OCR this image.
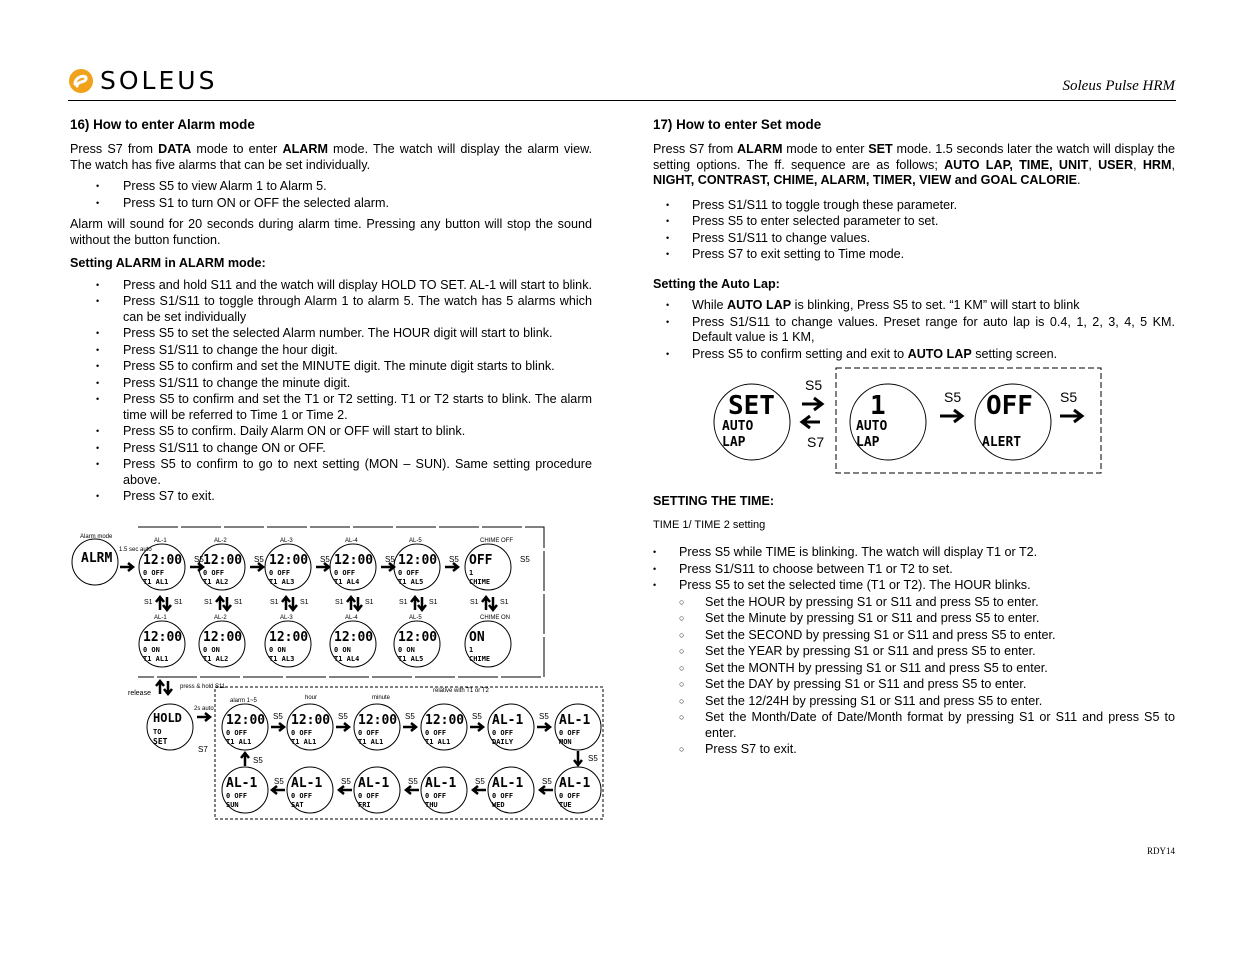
SOLEUS	Soleus Pulse HRM
16) How to enter Alarm mode

Press S7 from DATA mode to enter ALARM mode. The watch will display the alarm view. The watch has five alarms that can be set individually.

• Press S5 to view Alarm 1 to Alarm 5.
• Press S1 to turn ON or OFF the selected alarm.

Alarm will sound for 20 seconds during alarm time. Pressing any button will stop the sound without the button function.

Setting ALARM in ALARM mode:
• Press and hold S11 and the watch will display HOLD TO SET. AL-1 will start to blink.
• Press S1/S11 to toggle through Alarm 1 to alarm 5. The watch has 5 alarms which can be set individually
• Press S5 to set the selected Alarm number. The HOUR digit will start to blink.
• Press S1/S11 to change the hour digit.
• Press S5 to confirm and set the MINUTE digit. The minute digit starts to blink.
• Press S1/S11 to change the minute digit.
• Press S5 to confirm and set the T1 or T2 setting. T1 or T2 starts to blink. The alarm time will be referred to Time 1 or Time 2.
• Press S5 to confirm. Daily Alarm ON or OFF will start to blink.
• Press S1/S11 to change ON or OFF.
• Press S5 to confirm to go to next setting (MON – SUN). Same setting procedure above.
• Press S7 to exit.
Alarm mode
ALRM
1.5 sec auto
AL-1
12:00
0 OFF
T1 AL1
S5
S1	S1
AL-2
12:00
0 OFF
T1 AL2
S5
S1	S1
AL-3
12:00
0 OFF
T1 AL3
S5
S1	S1
AL-4
12:00
0 OFF
T1 AL4
S5
S1	S1
AL-5
12:00
0 OFF
T1 AL5
S5
S1	S1
CHIME OFF
OFF
1
CHIME
S5
S1	S1
AL-1
12:00
0 ON
T1 AL1
AL-2
12:00
0 ON
T1 AL2
AL-3
12:00
0 ON
T1 AL3
AL-4
12:00
0 ON
T1 AL4
AL-5
12:00
0 ON
T1 AL5
CHIME ON
ON
1
CHIME
12:00
0 OFF
T1 AL1
S5 12:00
0 OFF
T1 AL1
S5 12:00
0 OFF
T1 AL1
S5 12:00
0 OFF
T1 AL1
S5 AL-1
0 OFF
DAILY
S5 AL-1
0 OFF
MON
S5
S5
AL-1
0 OFF
SUN
AL-1
0 OFF
SAT
S5	AL-1
0 OFF
FRI
S5	AL-1
0 OFF
THU
S5	AL-1
0 OFF
WED
S5	AL-1
0 OFF
TUE
S5
HOLD
TO
SET
release
press & hold S11
2s auto
alarm 1~5	hour	minute
relative with T1 or T2
S7
17) How to enter Set mode

Press S7 from ALARM mode to enter SET mode. 1.5 seconds later the watch will display the setting options. The ff. sequence are as follows; AUTO LAP, TIME, UNIT, USER, HRM, NIGHT, CONTRAST, CHIME, ALARM, TIMER, VIEW and GOAL CALORIE.

• Press S1/S11 to toggle trough these parameter.
• Press S5 to enter selected parameter to set.
• Press S1/S11 to change values.
• Press S7 to exit setting to Time mode.
Setting the Auto Lap:
• While AUTO LAP is blinking, Press S5 to set. “1 KM” will start to blink
• Press S1/S11 to change values. Preset range for auto lap is 0.4, 1, 2, 3, 4, 5 KM. Default value is 1 KM,
• Press S5 to confirm setting and exit to AUTO LAP setting screen.
SET
AUTO
LAP
1
AUTO
LAP
OFF
ALERT
S5
S7
S5	S5
SETTING THE TIME:
TIME 1/ TIME 2 setting
• Press S5 while TIME is blinking. The watch will display T1 or T2.
• Press S1/S11 to choose between T1 or T2 to set.
• Press S5 to set the selected time (T1 or T2). The HOUR blinks.
○ Set the HOUR by pressing S1 or S11 and press S5 to enter.
○ Set the Minute by pressing S1 or S11 and press S5 to enter.
○ Set the SECOND by pressing S1 or S11 and press S5 to enter.
○ Set the YEAR by pressing S1 or S11 and press S5 to enter.
○ Set the MONTH by pressing S1 or S11 and press S5 to enter.
○ Set the DAY by pressing S1 or S11 and press S5 to enter.
○ Set the 12/24H by pressing S1 or S11 and press S5 to enter.
○ Set the Month/Date of Date/Month format by pressing S1 or S11 and press S5 to enter.
○ Press S7 to exit.
RDY14
